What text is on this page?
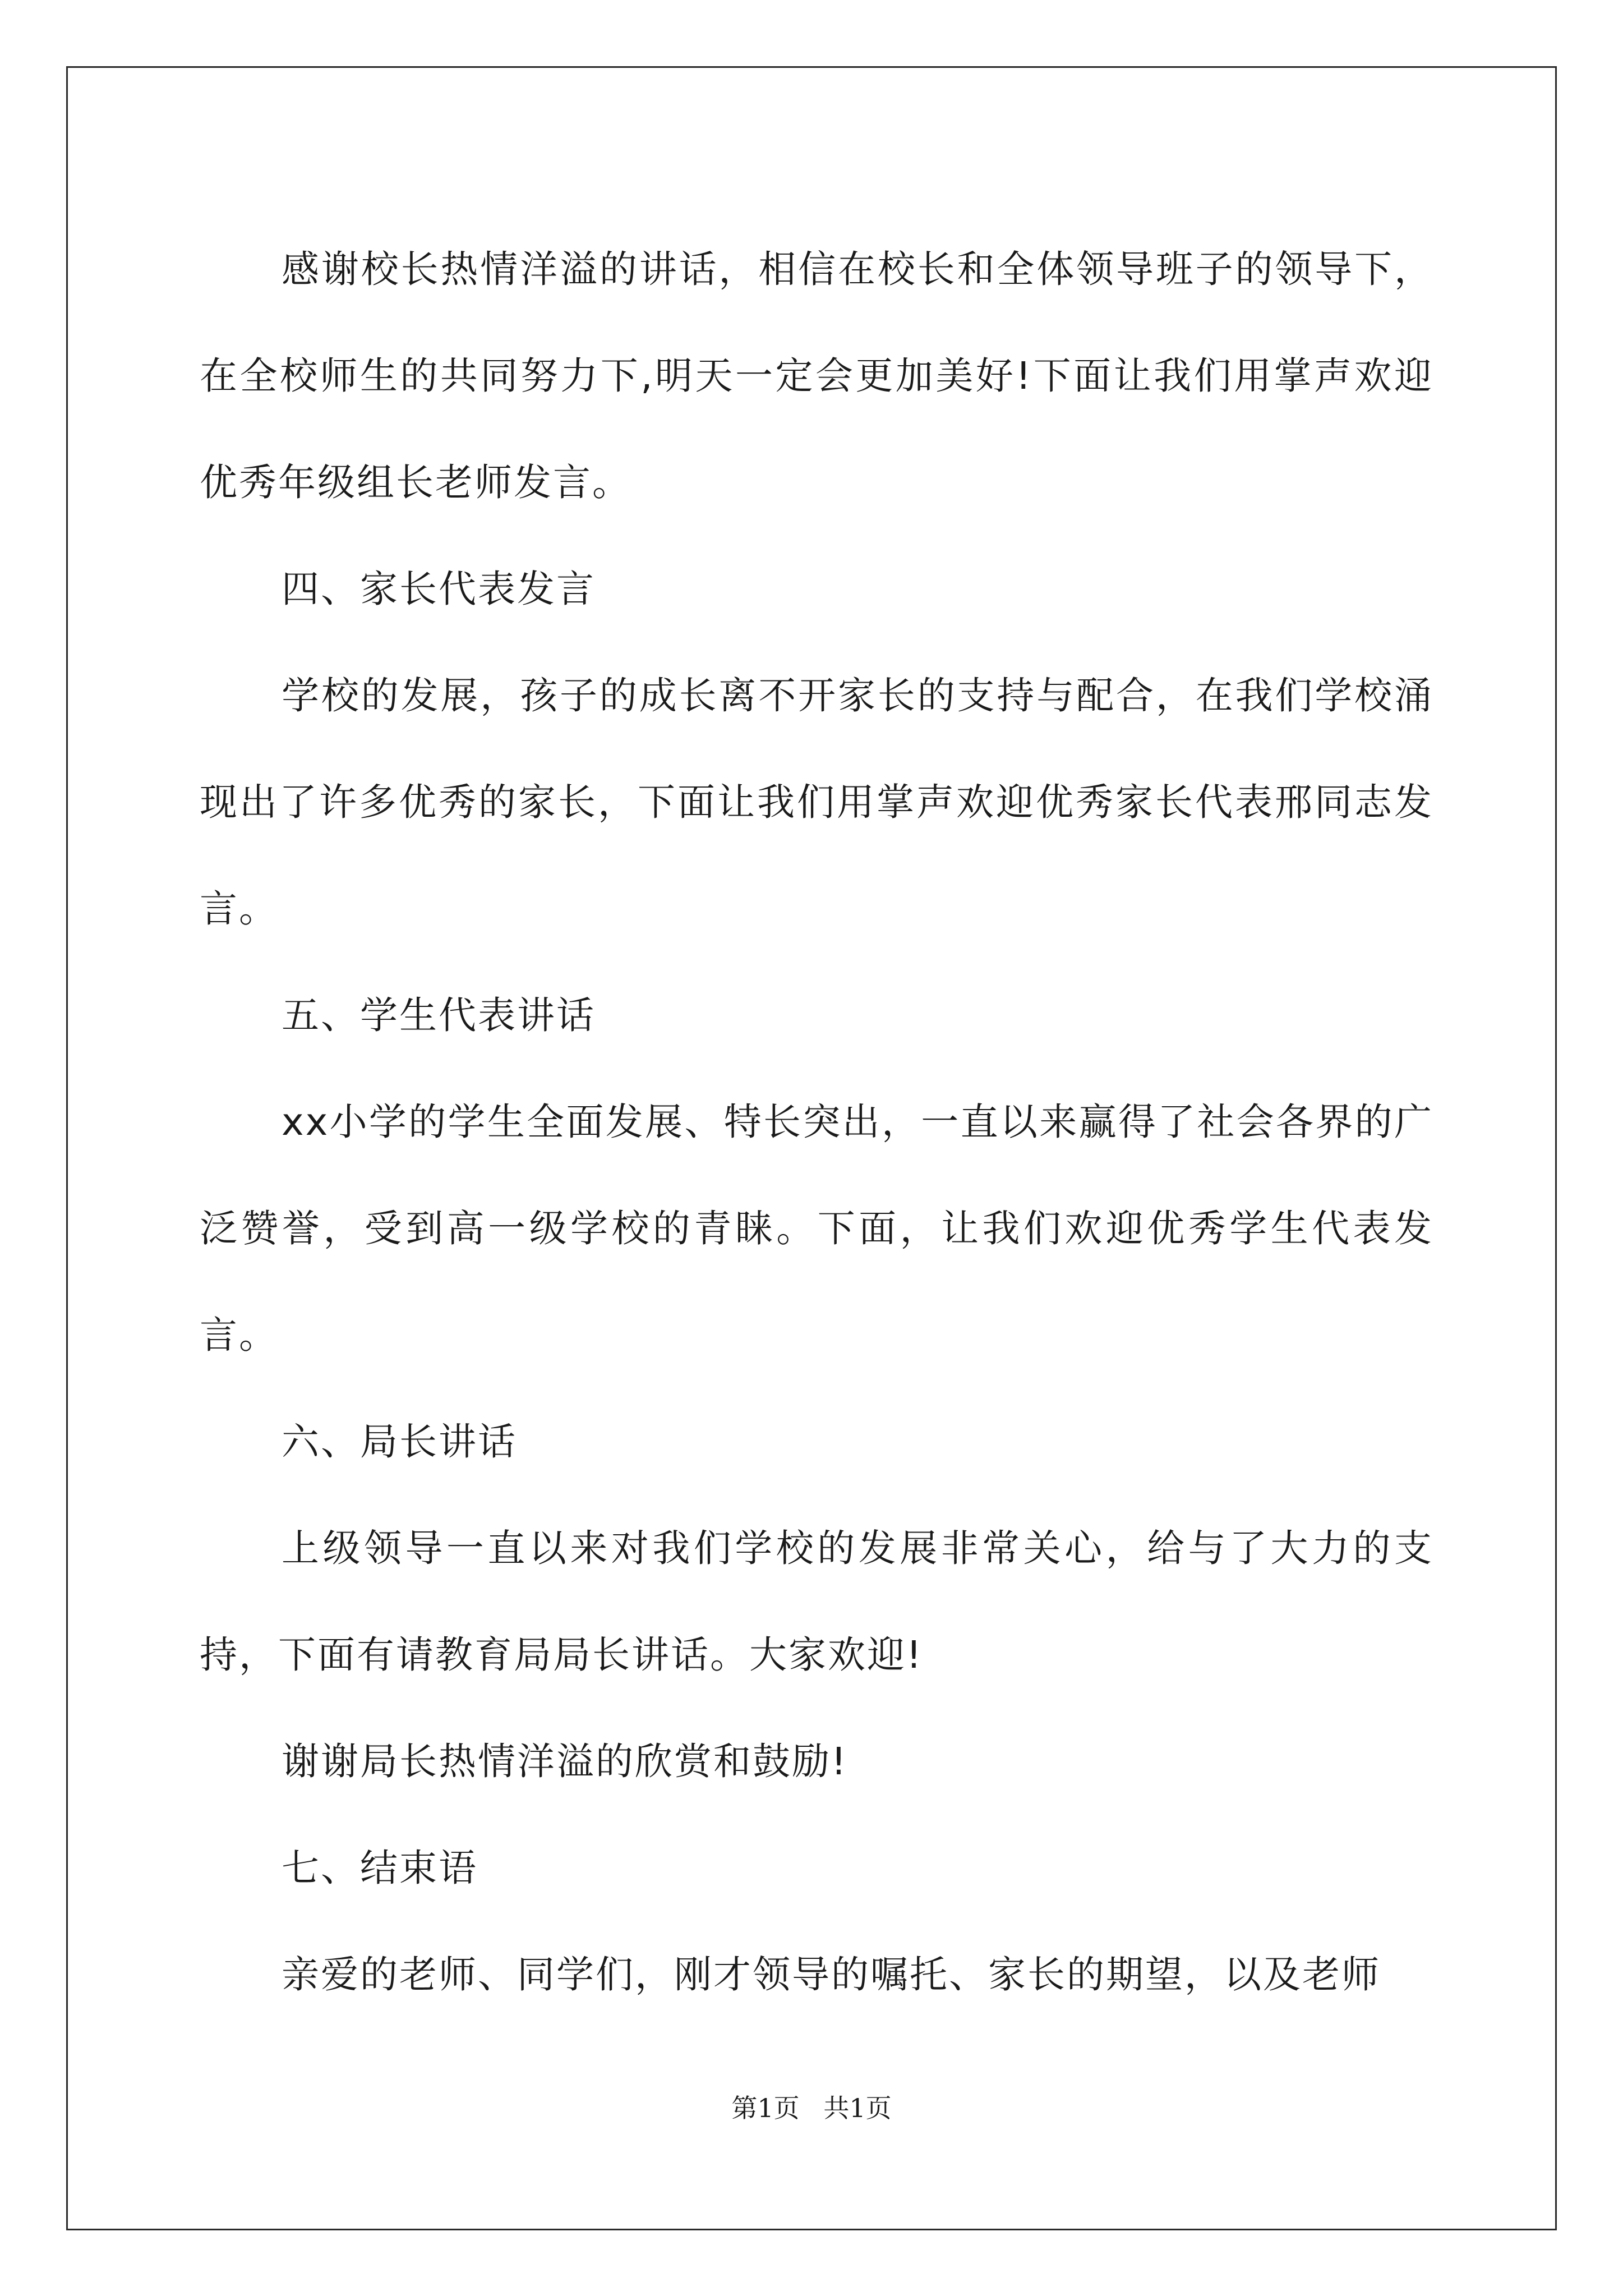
感谢校长热情洋溢的讲话，相信在校长和全体领导班子的领导下，在全校师生的共同努力下,明天一定会更加美好!下面让我们用掌声欢迎优秀年级组长老师发言。

四、家长代表发言

学校的发展，孩子的成长离不开家长的支持与配合，在我们学校涌现出了许多优秀的家长，下面让我们用掌声欢迎优秀家长代表邢同志发言。

五、学生代表讲话

xx小学的学生全面发展、特长突出，一直以来赢得了社会各界的广泛赞誉，受到高一级学校的青睐。下面，让我们欢迎优秀学生代表发言。

六、局长讲话

上级领导一直以来对我们学校的发展非常关心，给与了大力的支持，下面有请教育局局长讲话。大家欢迎!

谢谢局长热情洋溢的欣赏和鼓励!

七、结束语

亲爱的老师、同学们，刚才领导的嘱托、家长的期望，以及老师

第1页 共1页
